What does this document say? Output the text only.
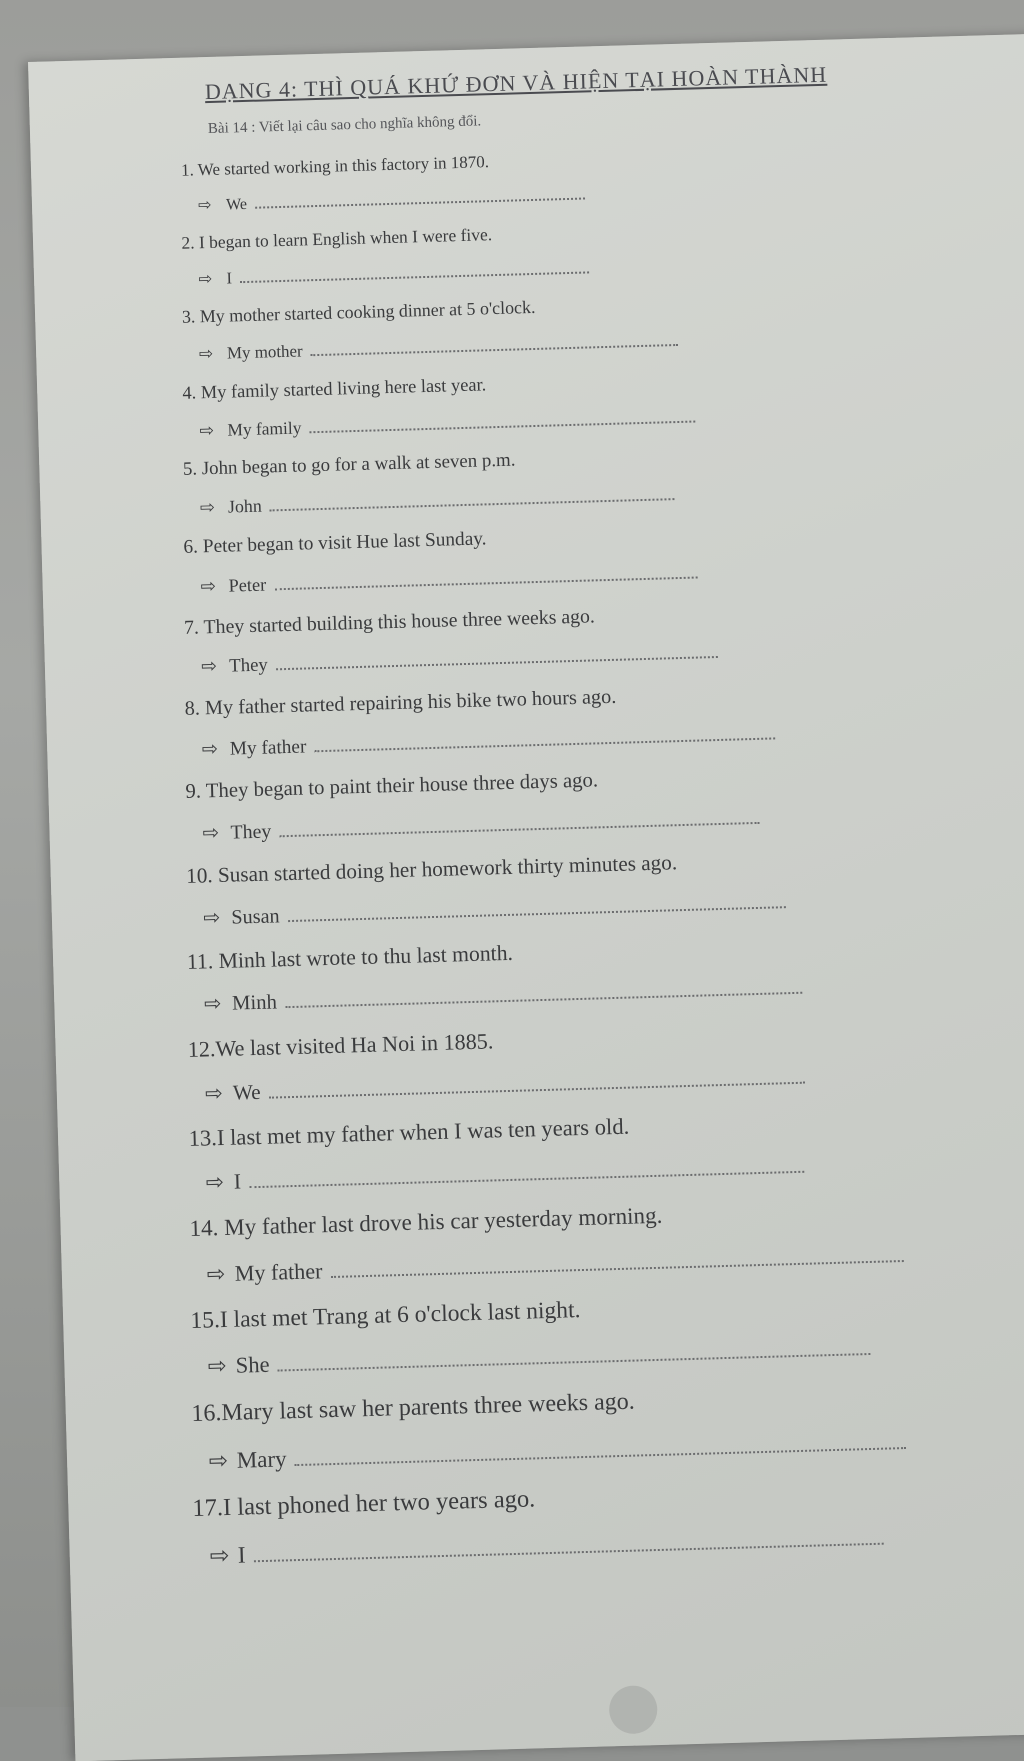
DẠNG 4: THÌ QUÁ KHỨ ĐƠN VÀ HIỆN TẠI HOÀN THÀNH
Bài 14 : Viết lại câu sao cho nghĩa không đổi.
1. We started working in this factory in 1870.
⇨ We
2. I began to learn English when I were five.
⇨ I
3. My mother started cooking dinner at 5 o'clock.
⇨ My mother
4. My family started living here last year.
⇨ My family
5. John began to go for a walk at seven p.m.
⇨ John
6. Peter began to visit Hue last Sunday.
⇨ Peter
7. They started building this house three weeks ago.
⇨ They
8. My father started repairing his bike two hours ago.
⇨ My father
9. They began to paint their house three days ago.
⇨ They
10. Susan started doing her homework thirty minutes ago.
⇨ Susan
11. Minh last wrote to thu last month.
⇨ Minh
12.We last visited Ha Noi in 1885.
⇨ We
13.I last met my father when I was ten years old.
⇨ I
14. My father last drove his car yesterday morning.
⇨ My father
15.I last met Trang at 6 o'clock last night.
⇨ She
16.Mary last saw her parents three weeks ago.
⇨ Mary
17.I last phoned her two years ago.
⇨ I
